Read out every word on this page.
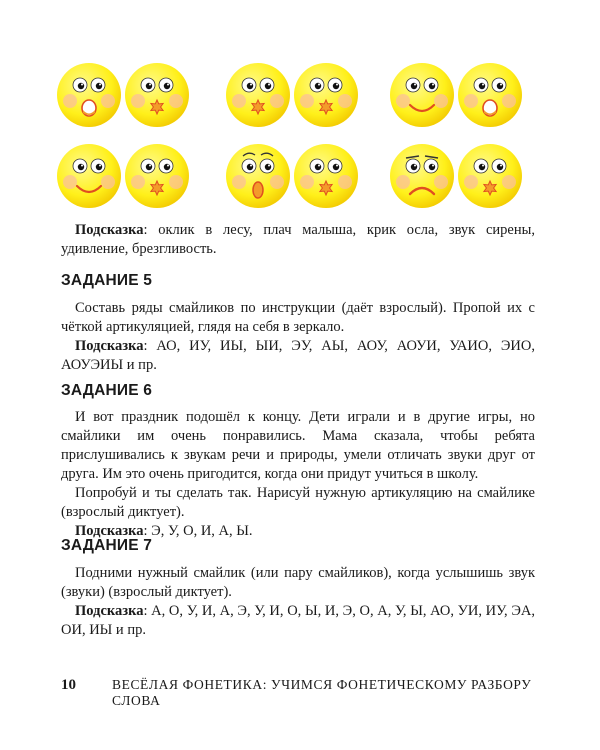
Подсказка: оклик в лесу, плач малыша, крик осла, звук сирены, удивление, брезгливость.

ЗАДАНИЕ 5

Составь ряды смайликов по инструкции (даёт взрослый). Пропой их с чёткой артикуляцией, глядя на себя в зеркало.

Подсказка: АО, ИУ, ИЫ, ЫИ, ЭУ, АЫ, АОУ, АОУИ, УАИО, ЭИО, АОУЭИЫ и пр.

ЗАДАНИЕ 6

И вот праздник подошёл к концу. Дети играли и в другие игры, но смайлики им очень понравились. Мама сказала, чтобы ребята прислушивались к звукам речи и природы, умели отличать звуки друг от друга. Им это очень пригодится, когда они придут учиться в школу.

Попробуй и ты сделать так. Нарисуй нужную артикуляцию на смайлике (взрослый диктует).

Подсказка: Э, У, О, И, А, Ы.

ЗАДАНИЕ 7

Подними нужный смайлик (или пару смайликов), когда услышишь звук (звуки) (взрослый диктует).

Подсказка: А, О, У, И, А, Э, У, И, О, Ы, И, Э, О, А, У, Ы, АО, УИ, ИУ, ЭА, ОИ, ИЫ и пр.

10	ВЕСЁЛАЯ ФОНЕТИКА: УЧИМСЯ ФОНЕТИЧЕСКОМУ РАЗБОРУ СЛОВА
